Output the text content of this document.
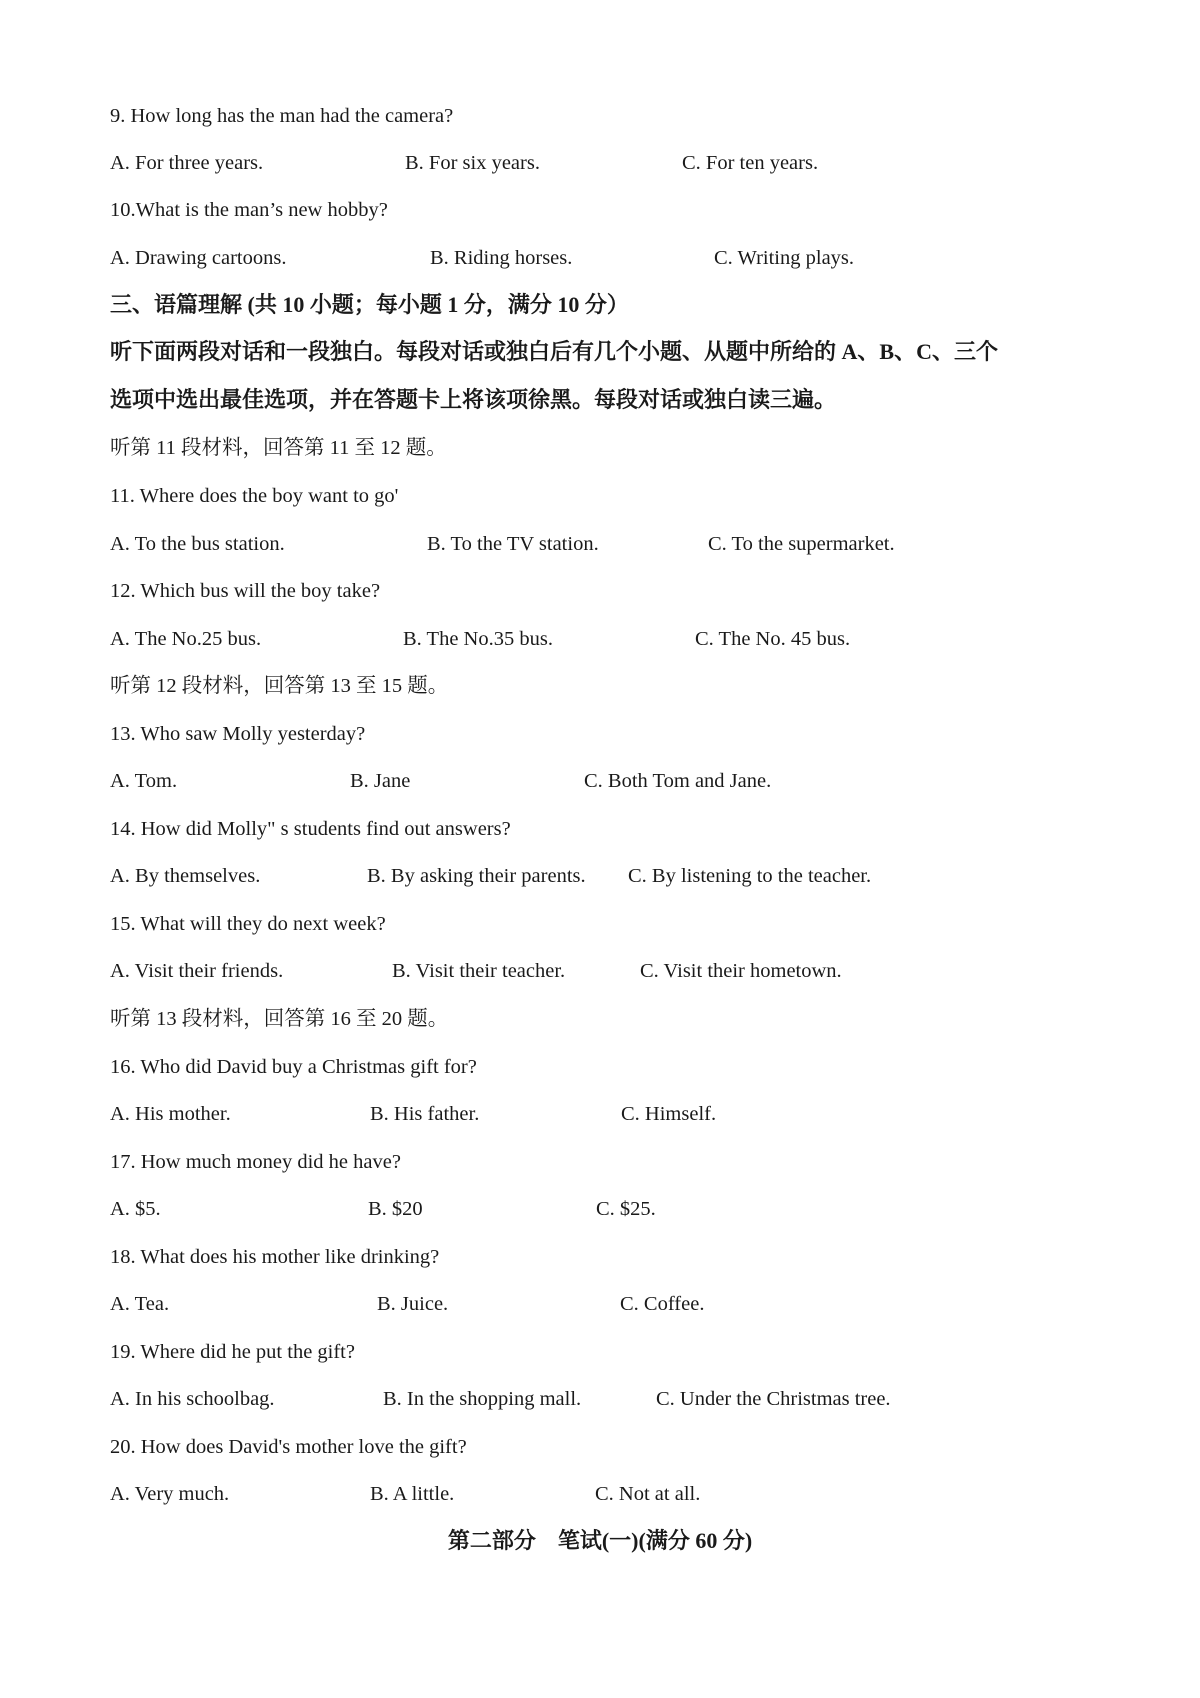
9. How long has the man had the camera?
A. For three years.	B. For six years.	C. For ten years.
10.What is the man’s new hobby?
A. Drawing cartoons.	B. Riding horses.	C. Writing plays.
三、语篇理解 (共 10 小题；每小题 1 分，满分 10 分）
听下面两段对话和一段独白。每段对话或独白后有几个小题、从题中所给的 A、B、C、三个
选项中选出最佳选项，并在答题卡上将该项徐黑。每段对话或独白读三遍。
听第 11 段材料，回答第 11 至 12 题。
11. Where does the boy want to go'
A. To the bus station.	B. To the TV station.	C. To the supermarket.
12. Which bus will the boy take?
A. The No.25 bus.	B. The No.35 bus.	C. The No. 45 bus.
听第 12 段材料，回答第 13 至 15 题。
13. Who saw Molly yesterday?
A. Tom.	B. Jane	C. Both Tom and Jane.
14. How did Molly" s students find out answers?
A. By themselves.	B. By asking their parents. C. By listening to the teacher.
15. What will they do next week?
A. Visit their friends.	B. Visit their teacher.	C. Visit their hometown.
听第 13 段材料，回答第 16 至 20 题。
16. Who did David buy a Christmas gift for?
A. His mother.	B. His father.	C. Himself.
17. How much money did he have?
A. $5.	B. $20	C. $25.
18. What does his mother like drinking?
A. Tea.	B. Juice.	C. Coffee.
19. Where did he put the gift?
A. In his schoolbag.	B. In the shopping mall.	C. Under the Christmas tree.
20. How does David's mother love the gift?
A. Very much.	B. A little.	C. Not at all.
第二部分　笔试(一)(满分 60 分)
